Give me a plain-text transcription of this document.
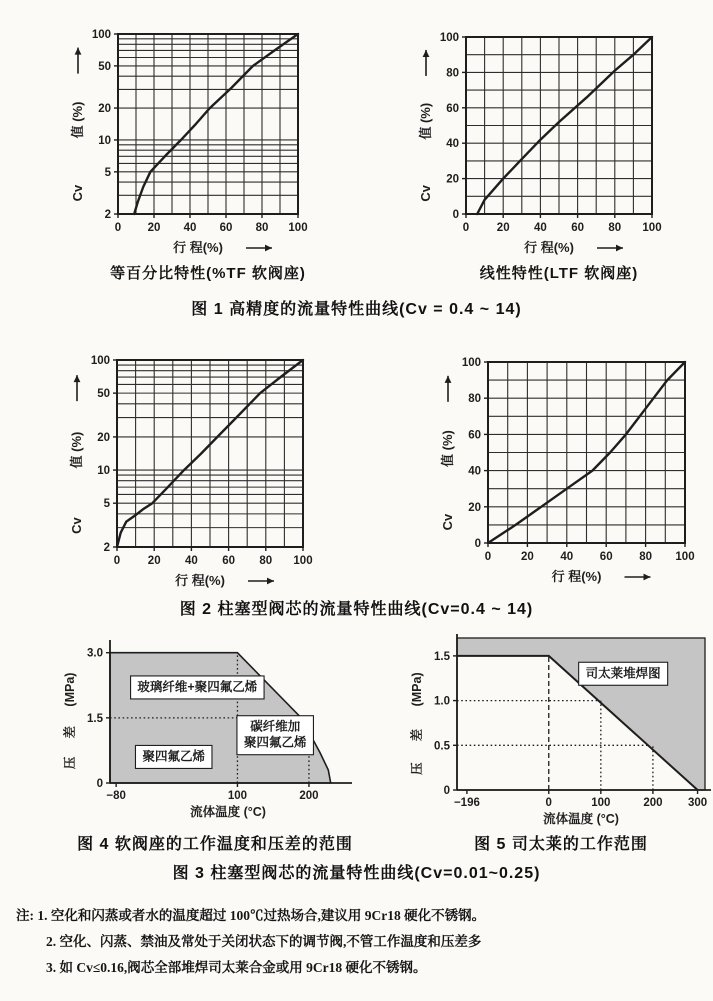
0 20 40 60 80 100
2
5
10
20
50
100
行 程(%)
Cv
值 (%)
0 20 40 60 80 100
0
20
40
60
80
100
行 程(%)
Cv
值 (%)
等百分比特性(%TF 软阀座)	线性特性(LTF 软阀座)
图 1 高精度的流量特性曲线(Cv = 0.4 ~ 14)
0 20 40 60 80 100
2
5
10
20
50
100
行 程(%)
Cv
值 (%)
0	20 40 60 80 100
0
20
40
60
80
100
行 程(%)
Cv
值 (%)
图 2 柱塞型阀芯的流量特性曲线(Cv=0.4 ~ 14)
−80	100	200
0
1.5
3.0
玻璃纤维+聚四氟乙烯
碳纤维加
聚四氟乙烯
聚四氟乙烯
流体温度 (°C)
压
差
(MPa)
−196	0	100	200 300
0
0.5
1.0
1.5
司太莱堆焊图
流体温度 (°C)
压
差
(MPa)
图 4 软阀座的工作温度和压差的范围	图 5 司太莱的工作范围
图 3 柱塞型阀芯的流量特性曲线(Cv=0.01~0.25)
注: 1. 空化和闪蒸或者水的温度超过 100℃过热场合,建议用 9Cr18 硬化不锈钢。
2. 空化、闪蒸、禁油及常处于关闭状态下的调节阀,不管工作温度和压差多
3. 如 Cv≤0.16,阀芯全部堆焊司太莱合金或用 9Cr18 硬化不锈钢。
